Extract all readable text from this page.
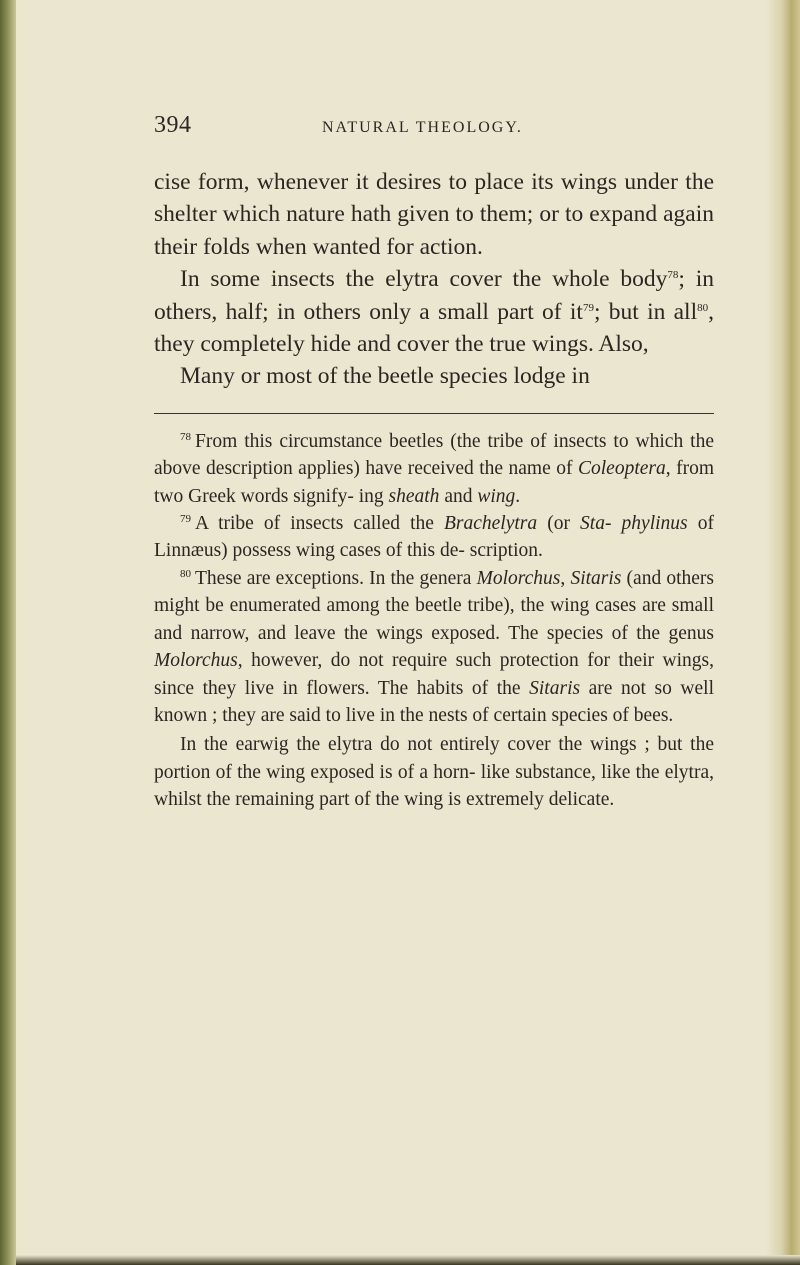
394	NATURAL THEOLOGY.

cise form, whenever it desires to place its wings under the shelter which nature hath given to them; or to expand again their folds when wanted for action.

In some insects the elytra cover the whole body$^{78}$; in others, half; in others only a small part of $it^{79}$; but in all$^{80}$, they completely hide and cover the true wings. Also,

Many or most of the beetle species lodge in

$^{78}$ From this circumstance beetles (the tribe of insects to which the above description applies) have received the name of Coleoptera, from two Greek words signify- ing sheath and wing.

$^{79}$ A tribe of insects called the Brachelytra (or Sta- phylinus of Linnæus) possess wing cases of this de- scription.

$^{80}$ These are exceptions. In the genera Molorchus, Sitaris (and others might be enumerated among the beetle tribe), the wing cases are small and narrow, and leave the wings exposed. The species of the genus Molorchus, however, do not require such protection for their wings, since they live in flowers. The habits of the Sitaris are not so well known ; they are said to live in the nests of certain species of bees.

In the earwig the elytra do not entirely cover the wings ; but the portion of the wing exposed is of a horn- like substance, like the elytra, whilst the remaining part of the wing is extremely delicate.
